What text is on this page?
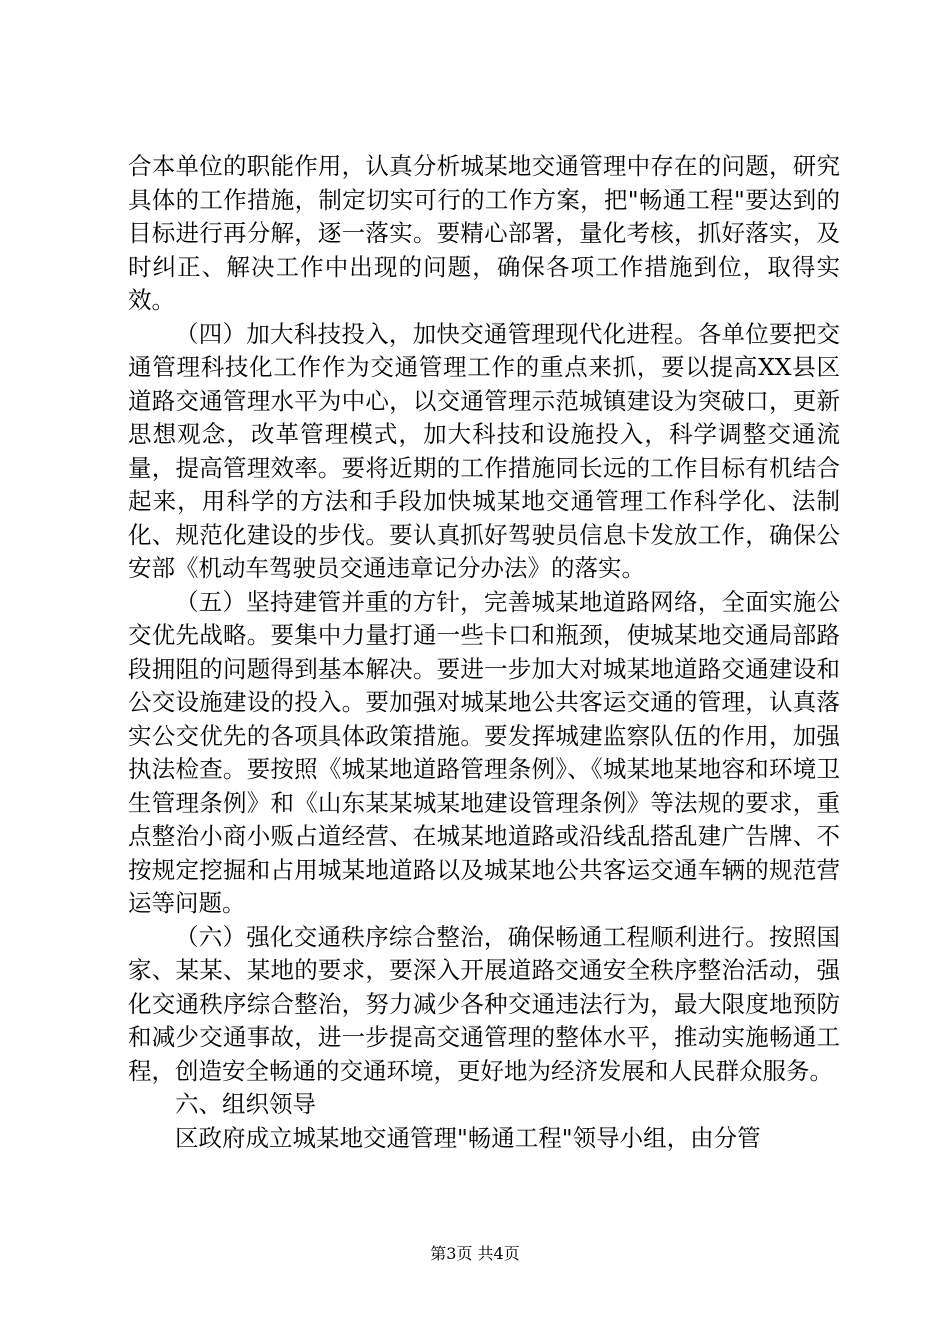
合本单位的职能作用，认真分析城某地交通管理中存在的问题，研究具体的工作措施，制定切实可行的工作方案，把"畅通工程"要达到的目标进行再分解，逐一落实。要精心部署，量化考核，抓好落实，及时纠正、解决工作中出现的问题，确保各项工作措施到位，取得实效。

（四）加大科技投入，加快交通管理现代化进程。各单位要把交通管理科技化工作作为交通管理工作的重点来抓，要以提高XX县区道路交通管理水平为中心，以交通管理示范城镇建设为突破口，更新思想观念，改革管理模式，加大科技和设施投入，科学调整交通流量，提高管理效率。要将近期的工作措施同长远的工作目标有机结合起来，用科学的方法和手段加快城某地交通管理工作科学化、法制化、规范化建设的步伐。要认真抓好驾驶员信息卡发放工作，确保公安部《机动车驾驶员交通违章记分办法》的落实。

（五）坚持建管并重的方针，完善城某地道路网络，全面实施公交优先战略。要集中力量打通一些卡口和瓶颈，使城某地交通局部路段拥阻的问题得到基本解决。要进一步加大对城某地道路交通建设和公交设施建设的投入。要加强对城某地公共客运交通的管理，认真落实公交优先的各项具体政策措施。要发挥城建监察队伍的作用，加强执法检查。要按照《城某地道路管理条例》、《城某地某地容和环境卫生管理条例》和《山东某某城某地建设管理条例》等法规的要求，重点整治小商小贩占道经营、在城某地道路或沿线乱搭乱建广告牌、不按规定挖掘和占用城某地道路以及城某地公共客运交通车辆的规范营运等问题。

（六）强化交通秩序综合整治，确保畅通工程顺利进行。按照国家、某某、某地的要求，要深入开展道路交通安全秩序整治活动，强化交通秩序综合整治，努力减少各种交通违法行为，最大限度地预防和减少交通事故，进一步提高交通管理的整体水平，推动实施畅通工程，创造安全畅通的交通环境，更好地为经济发展和人民群众服务。

六、组织领导

区政府成立城某地交通管理"畅通工程"领导小组，由分管

第3页 共4页
